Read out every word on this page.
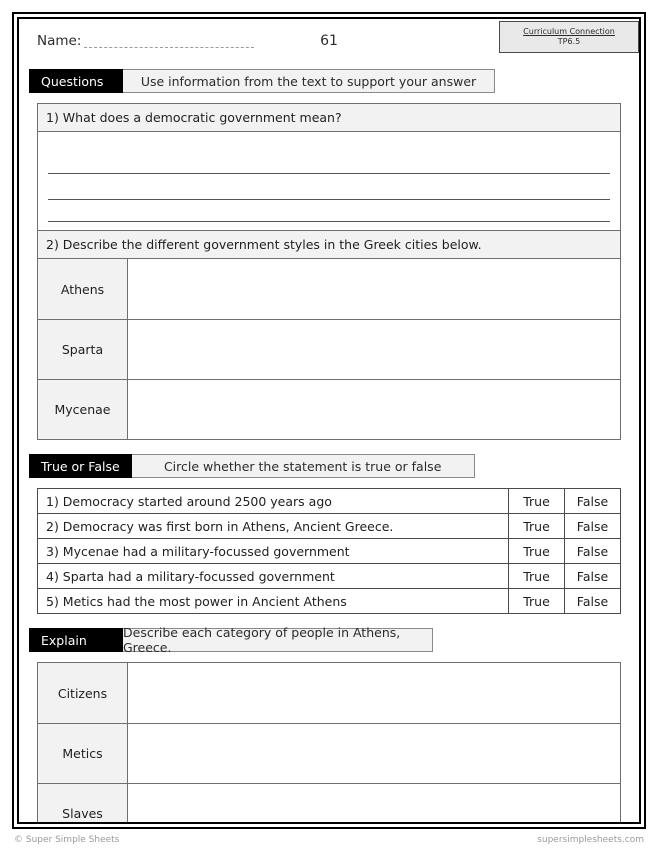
Name:	61
Curriculum Connection
TP6.5
Questions	Use information from the text to support your answer
1) What does a democratic government mean?
2) Describe the different government styles in the Greek cities below.
Athens
Sparta
Mycenae
True or False	Circle whether the statement is true or false
1) Democracy started around 2500 years ago	True	False
2) Democracy was first born in Athens, Ancient Greece.	True	False
3) Mycenae had a military-focussed government	True	False
4) Sparta had a military-focussed government	True	False
5) Metics had the most power in Ancient Athens	True	False
Explain	Describe each category of people in Athens, Greece.
Citizens
Metics
Slaves
© Super Simple Sheets	supersimplesheets.com
